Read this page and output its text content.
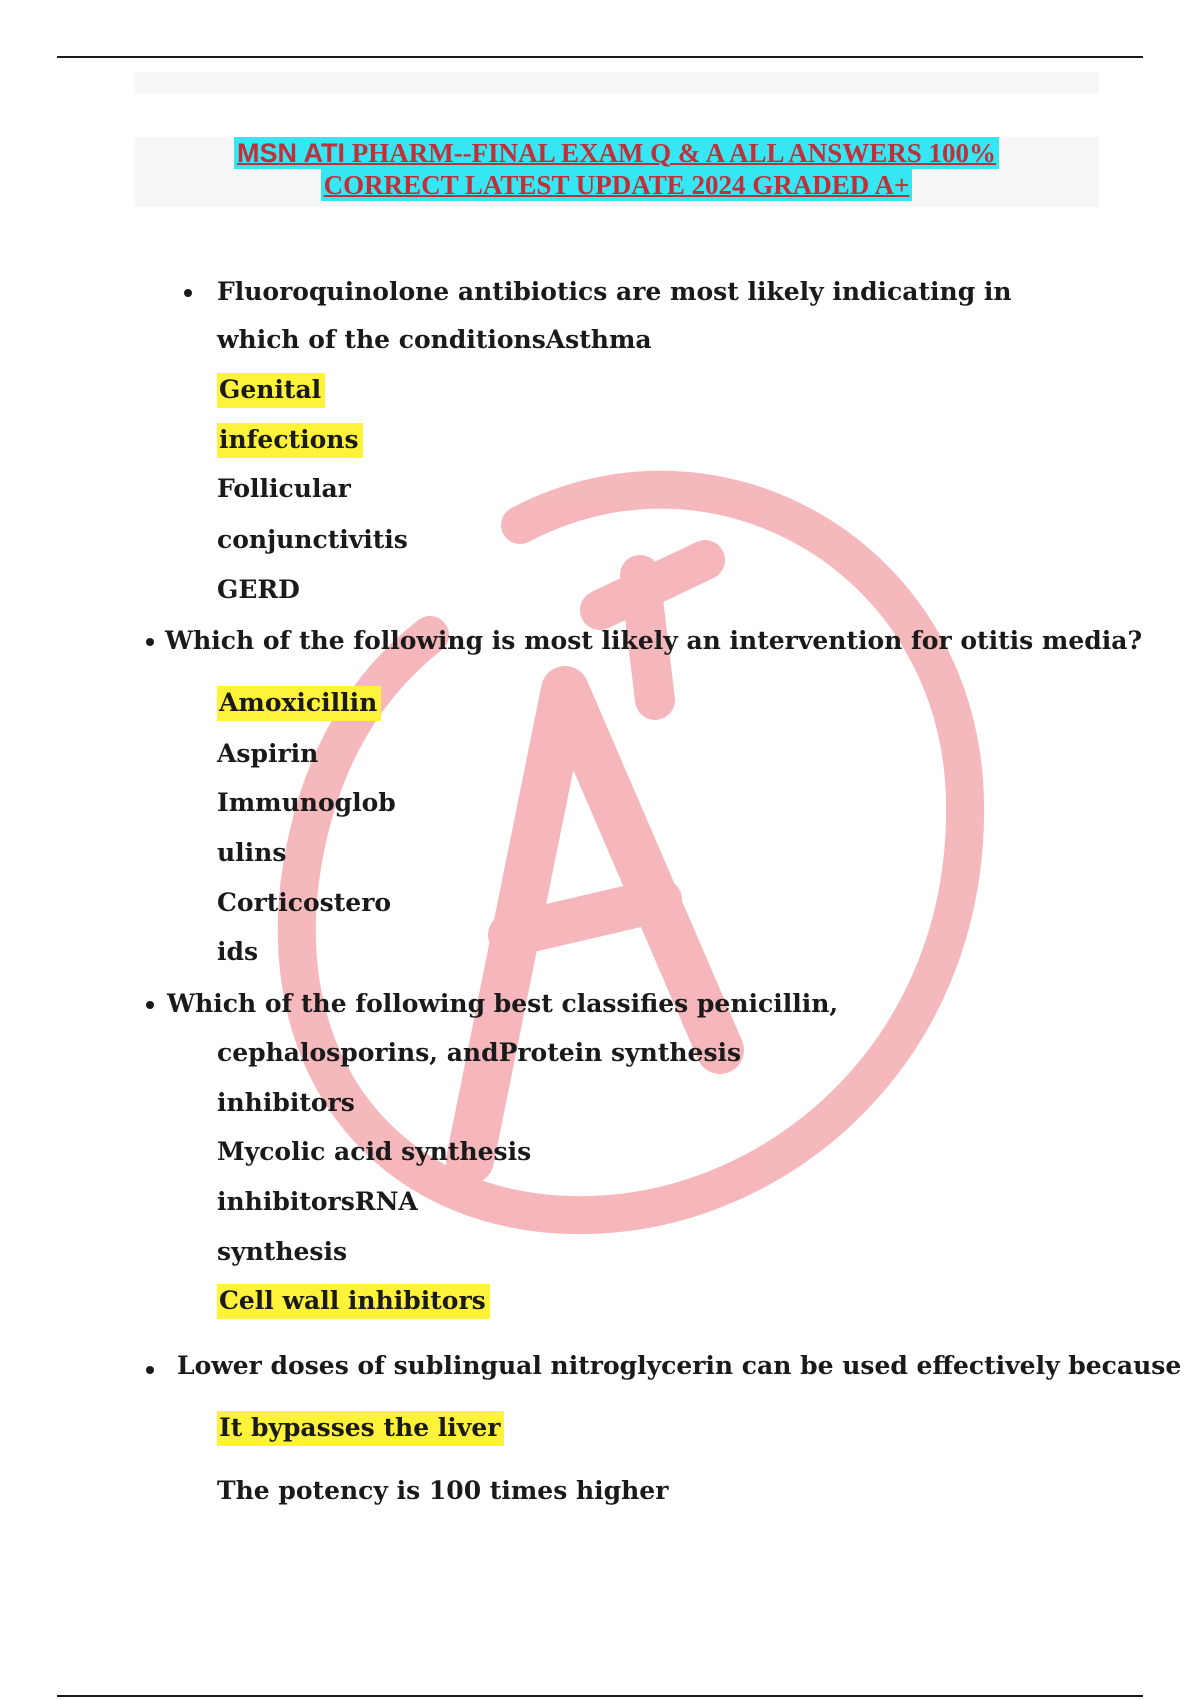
MSN ATI PHARM--FINAL EXAM Q & A ALL ANSWERS 100%
CORRECT LATEST UPDATE 2024 GRADED A+
Fluoroquinolone antibiotics are most likely indicating in
which of the conditionsAsthma
Genital
infections
Follicular
conjunctivitis
GERD
Which of the following is most likely an intervention for otitis media?
Amoxicillin
Aspirin
Immunoglob
ulins
Corticostero
ids
Which of the following best classifies penicillin,
cephalosporins, andProtein synthesis
inhibitors
Mycolic acid synthesis
inhibitorsRNA
synthesis
Cell wall inhibitors
Lower doses of sublingual nitroglycerin can be used effectively because
It bypasses the liver
The potency is 100 times higher
